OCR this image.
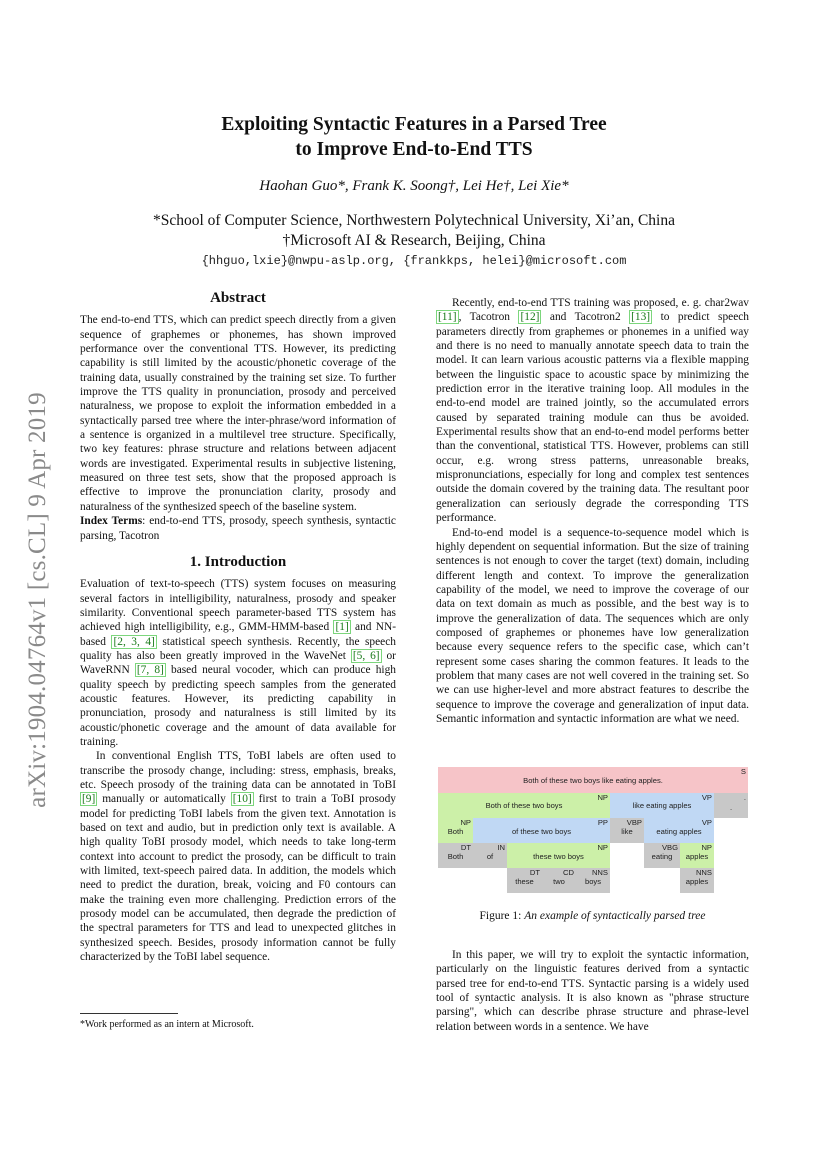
arXiv:1904.04764v1 [cs.CL] 9 Apr 2019
Exploiting Syntactic Features in a Parsed Tree
to Improve End-to-End TTS
Haohan Guo*, Frank K. Soong†, Lei He†, Lei Xie*
*School of Computer Science, Northwestern Polytechnical University, Xi’an, China
†Microsoft AI & Research, Beijing, China
{hhguo,lxie}@nwpu-aslp.org, {frankkps, helei}@microsoft.com

Abstract

The end-to-end TTS, which can predict speech directly from a given sequence of graphemes or phonemes, has shown improved performance over the conventional TTS. However, its predicting capability is still limited by the acoustic/phonetic coverage of the training data, usually constrained by the training set size. To further improve the TTS quality in pronunciation, prosody and perceived naturalness, we propose to exploit the information embedded in a syntactically parsed tree where the inter-phrase/word information of a sentence is organized in a multilevel tree structure. Specifically, two key features: phrase structure and relations between adjacent words are investigated. Experimental results in subjective listening, measured on three test sets, show that the proposed approach is effective to improve the pronunciation clarity, prosody and naturalness of the synthesized speech of the baseline system.

Index Terms: end-to-end TTS, prosody, speech synthesis, syntactic parsing, Tacotron

1. Introduction

Evaluation of text-to-speech (TTS) system focuses on measuring several factors in intelligibility, naturalness, prosody and speaker similarity. Conventional speech parameter-based TTS system has achieved high intelligibility, e.g., GMM-HMM-based [1] and NN-based [2, 3, 4] statistical speech synthesis. Recently, the speech quality has also been greatly improved in the WaveNet [5, 6] or WaveRNN [7, 8] based neural vocoder, which can produce high quality speech by predicting speech samples from the generated acoustic features. However, its predicting capability in pronunciation, prosody and naturalness is still limited by its acoustic/phonetic coverage and the amount of data available for training.

In conventional English TTS, ToBI labels are often used to transcribe the prosody change, including: stress, emphasis, breaks, etc. Speech prosody of the training data can be annotated in ToBI [9] manually or automatically [10] first to train a ToBI prosody model for predicting ToBI labels from the given text. Annotation is based on text and audio, but in prediction only text is available. A high quality ToBI prosody model, which needs to take long-term context into account to predict the prosody, can be difficult to train with limited, text-speech paired data. In addition, the models which need to predict the duration, break, voicing and F0 contours can make the training even more challenging. Prediction errors of the prosody model can be accumulated, then degrade the prediction of the spectral parameters for TTS and lead to unexpected glitches in synthesized speech. Besides, prosody information cannot be fully characterized by the ToBI label sequence.

*Work performed as an intern at Microsoft.

Recently, end-to-end TTS training was proposed, e. g. char2wav [11] , Tacotron [12] and Tacotron2 [13] to predict speech parameters directly from graphemes or phonemes in a unified way and there is no need to manually annotate speech data to train the model. It can learn various acoustic patterns via a flexible mapping between the linguistic space to acoustic space by minimizing the prediction error in the iterative training loop. All modules in the end-to-end model are trained jointly, so the accumulated errors caused by separated training module can thus be avoided. Experimental results show that an end-to-end model performs better than the conventional, statistical TTS. However, problems can still occur, e.g. wrong stress patterns, unreasonable breaks, mispronunciations, especially for long and complex test sentences outside the domain covered by the training data. The resultant poor generalization can seriously degrade the corresponding TTS performance.

End-to-end model is a sequence-to-sequence model which is highly dependent on sequential information. But the size of training sentences is not enough to cover the target (text) domain, including different length and context. To improve the generalization capability of the model, we need to improve the coverage of our data on text domain as much as possible, and the best way is to improve the generalization of data. The sequences which are only composed of graphemes or phonemes have low generalization because every sequence refers to the specific case, which can’t represent some cases sharing the common features. It leads to the problem that many cases are not well covered in the training set. So we can use higher-level and more abstract features to describe the sequence to improve the coverage and generalization of input data. Semantic information and syntactic information are what we need.

S
Both of these two boys like eating apples.
NP
Both of these two boys
VP
like eating apples
.
.
NP
Both
PP
of these two boys
VBP
like
VP
eating apples
DT
Both
IN
of
NP
these two boys
VBG
eating
NP
apples
DT
these
CD
two
NNS
boys
NNS
apples
Figure 1: An example of syntactically parsed tree

In this paper, we will try to exploit the syntactic information, particularly on the linguistic features derived from a syntactic parsed tree for end-to-end TTS. Syntactic parsing is a widely used tool of syntactic analysis. It is also known as "phrase structure parsing", which can describe phrase structure and phrase-level relation between words in a sentence. We have
